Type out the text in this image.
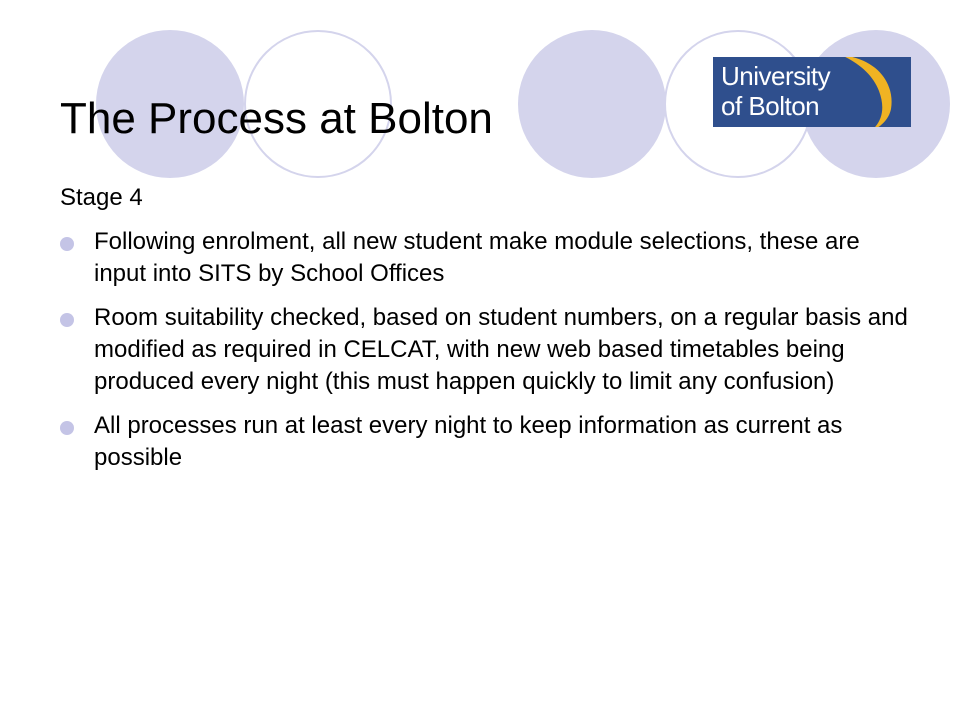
The Process at Bolton
University
of Bolton
Stage 4
Following enrolment, all new student make module selections, these are input into SITS by School Offices
Room suitability checked, based on student numbers, on a regular basis and modified as required in CELCAT, with new web based timetables being produced every night (this must happen quickly to limit any confusion)
All processes run at least every night to keep information as current as possible
